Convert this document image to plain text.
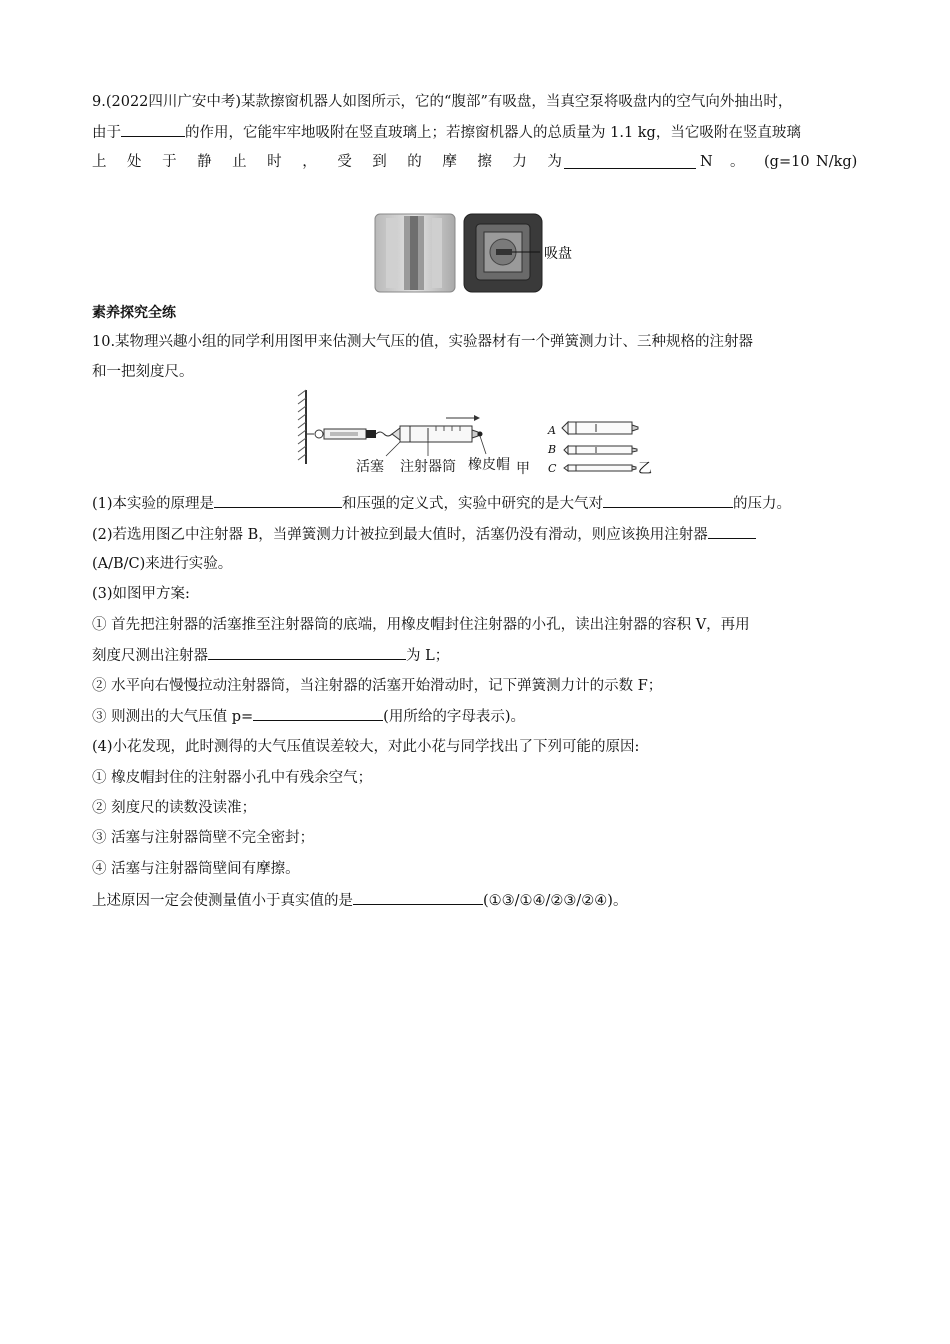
9.(2022四川广安中考)某款擦窗机器人如图所示，它的“腹部”有吸盘，当真空泵将吸盘内的空气向外抽出时，
由于	的作用，它能牢牢地吸附在竖直玻璃上；若擦窗机器人的总质量为 1.1 kg，当它吸附在竖直玻璃
上 处 于 静 止 时 ， 受 到 的 摩 擦 力 为	N 。 (g=10 N/kg)
吸盘
素养探究全练
10.某物理兴趣小组的同学利用图甲来估测大气压的值，实验器材有一个弹簧测力计、三种规格的注射器
和一把刻度尺。
活塞 注射器筒 橡皮帽 甲
A
B
C	乙
(1)本实验的原理是	和压强的定义式，实验中研究的是大气对	的压力。
(2)若选用图乙中注射器 B，当弹簧测力计被拉到最大值时，活塞仍没有滑动，则应该换用注射器
(A/B/C)来进行实验。
(3)如图甲方案:
① 首先把注射器的活塞推至注射器筒的底端，用橡皮帽封住注射器的小孔，读出注射器的容积 V，再用
刻度尺测出注射器	为 L；
② 水平向右慢慢拉动注射器筒，当注射器的活塞开始滑动时，记下弹簧测力计的示数 F；
③ 则测出的大气压值 p=	(用所给的字母表示)。
(4)小花发现，此时测得的大气压值误差较大，对此小花与同学找出了下列可能的原因:
① 橡皮帽封住的注射器小孔中有残余空气；
② 刻度尺的读数没读准；
③ 活塞与注射器筒壁不完全密封；
④ 活塞与注射器筒壁间有摩擦。
上述原因一定会使测量值小于真实值的是	(①③/①④/②③/②④)。
